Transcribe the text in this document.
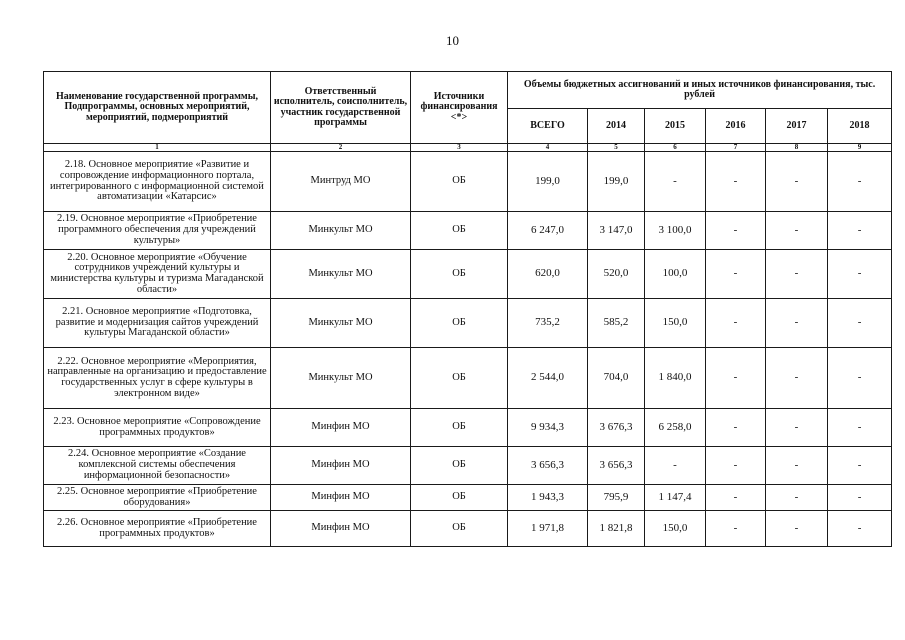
10
Наименование государственной программы, Подпрограммы, основных мероприятий, мероприятий, подмероприятий	Ответственный исполнитель, соисполнитель, участник государственной программы	Источники финансирования <*>	Объемы бюджетных ассигнований и иных источников финансирования, тыс. рублей					
			ВСЕГО	2014	2015	2016	2017	2018
1	2	3	4	5	6	7	8	9
2.18. Основное мероприятие «Развитие и сопровождение информационного портала, интегрированного с информационной системой автоматизации «Катарсис»	Минтруд МО	ОБ	199,0	199,0	-	-	-	-
2.19. Основное мероприятие «Приобретение программного обеспечения для учреждений культуры»	Минкульт МО	ОБ	6 247,0	3 147,0	3 100,0	-	-	-
2.20. Основное мероприятие «Обучение сотрудников учреждений культуры и министерства культуры и туризма Магаданской области»	Минкульт МО	ОБ	620,0	520,0	100,0	-	-	-
2.21. Основное мероприятие «Подготовка, развитие и модернизация сайтов учреждений культуры Магаданской области»	Минкульт МО	ОБ	735,2	585,2	150,0	-	-	-
2.22. Основное мероприятие «Мероприятия, направленные на организацию и предоставление государственных услуг в сфере культуры в электронном виде»	Минкульт МО	ОБ	2 544,0	704,0	1 840,0	-	-	-
2.23. Основное мероприятие «Сопровождение программных продуктов»	Минфин МО	ОБ	9 934,3	3 676,3	6 258,0	-	-	-
2.24. Основное мероприятие «Создание комплексной системы обеспечения информационной безопасности»	Минфин МО	ОБ	3 656,3	3 656,3	-	-	-	-
2.25. Основное мероприятие «Приобретение оборудования»	Минфин МО	ОБ	1 943,3	795,9	1 147,4	-	-	-
2.26. Основное мероприятие «Приобретение программных продуктов»	Минфин МО	ОБ	1 971,8	1 821,8	150,0	-	-	-
